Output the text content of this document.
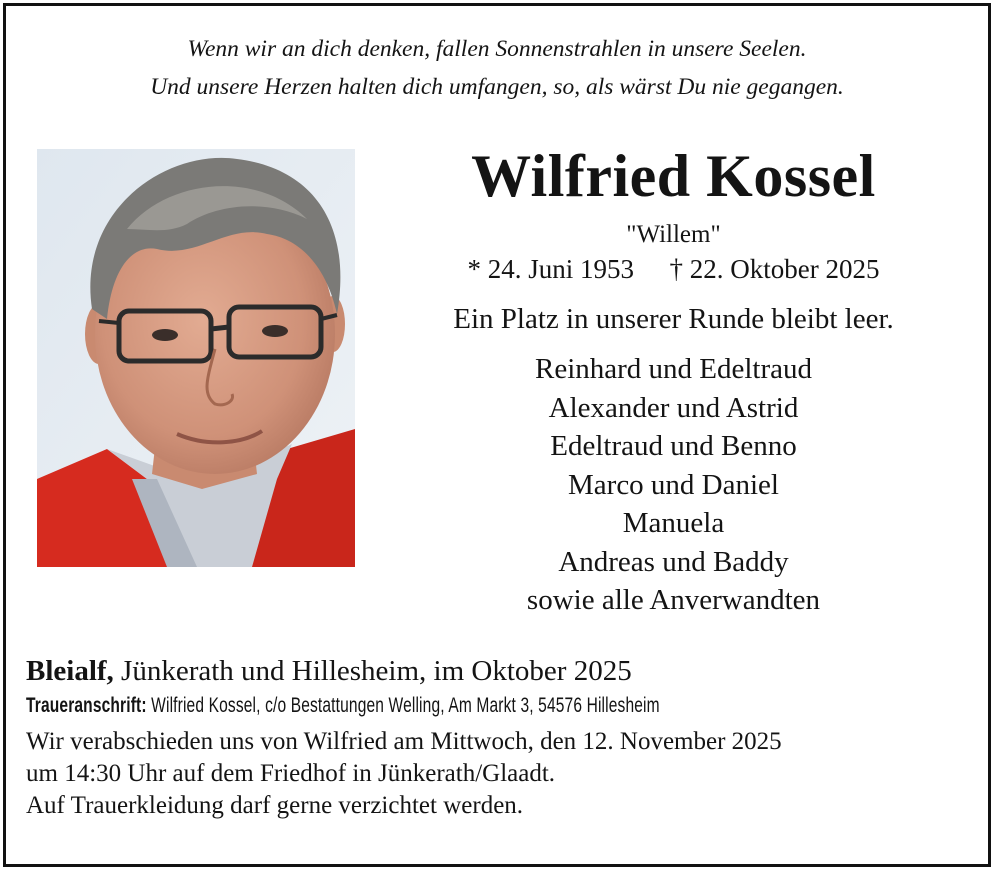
Wenn wir an dich denken, fallen Sonnenstrahlen in unsere Seelen.
Und unsere Herzen halten dich umfangen, so, als wärst Du nie gegangen.
Wilfried Kossel
"Willem"
* 24. Juni 1953 † 22. Oktober 2025
Ein Platz in unserer Runde bleibt leer.
Reinhard und Edeltraud
Alexander und Astrid
Edeltraud und Benno
Marco und Daniel
Manuela
Andreas und Baddy
sowie alle Anverwandten
Bleialf, Jünkerath und Hillesheim, im Oktober 2025
Traueranschrift: Wilfried Kossel, c/o Bestattungen Welling, Am Markt 3, 54576 Hillesheim
Wir verabschieden uns von Wilfried am Mittwoch, den 12. November 2025
um 14:30 Uhr auf dem Friedhof in Jünkerath/Glaadt.
Auf Trauerkleidung darf gerne verzichtet werden.
